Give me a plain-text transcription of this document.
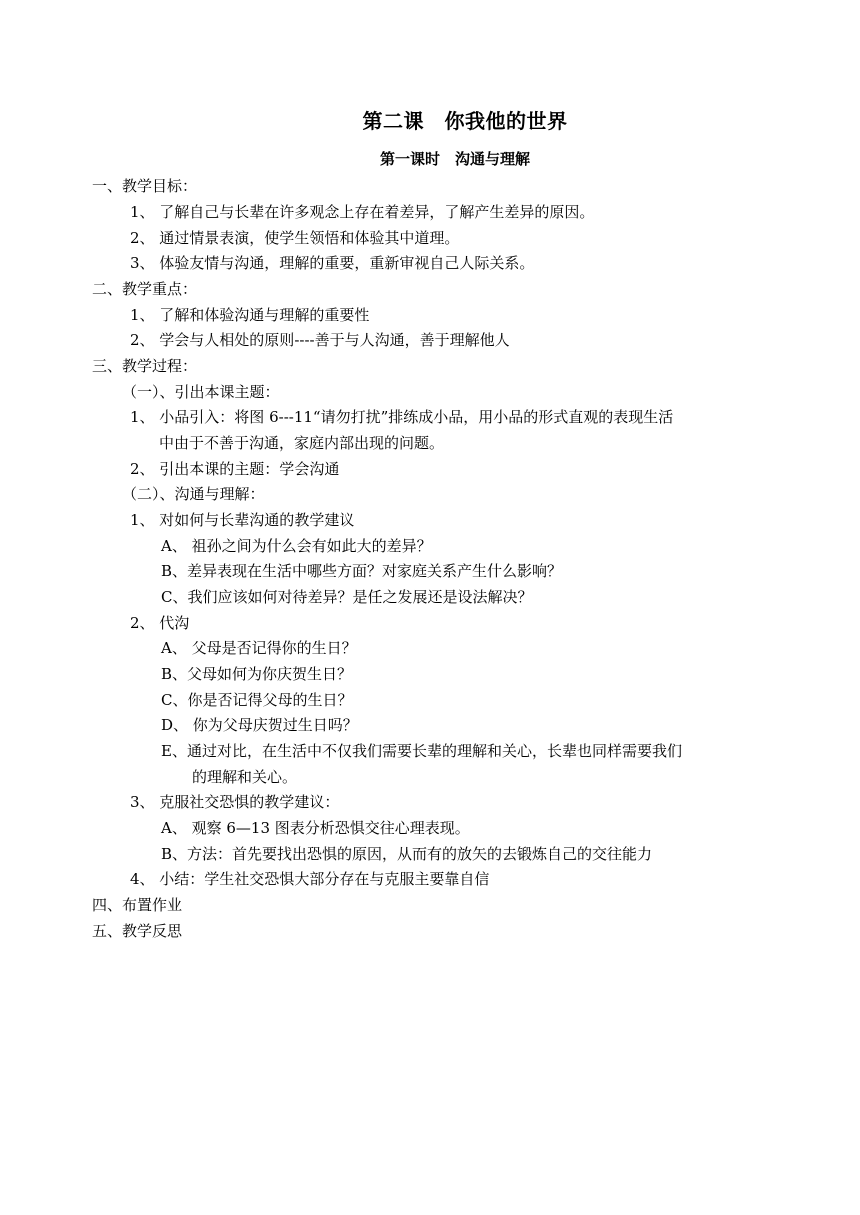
第二课　你我他的世界
第一课时　沟通与理解
一、教学目标：
1、 了解自己与长辈在许多观念上存在着差异，了解产生差异的原因。
2、 通过情景表演，使学生领悟和体验其中道理。
3、 体验友情与沟通，理解的重要，重新审视自己人际关系。
二、教学重点：
1、 了解和体验沟通与理解的重要性
2、 学会与人相处的原则----善于与人沟通，善于理解他人
三、教学过程：
（一）、引出本课主题：
1、 小品引入：将图 6---11“请勿打扰”排练成小品，用小品的形式直观的表现生活
中由于不善于沟通，家庭内部出现的问题。
2、 引出本课的主题：学会沟通
（二）、沟通与理解：
1、 对如何与长辈沟通的教学建议
A、 祖孙之间为什么会有如此大的差异？
B、差异表现在生活中哪些方面？对家庭关系产生什么影响？
C、我们应该如何对待差异？是任之发展还是设法解决？
2、 代沟
A、 父母是否记得你的生日？
B、父母如何为你庆贺生日？
C、你是否记得父母的生日？
D、 你为父母庆贺过生日吗？
E、通过对比，在生活中不仅我们需要长辈的理解和关心，长辈也同样需要我们
的理解和关心。
3、 克服社交恐惧的教学建议：
A、 观察 6—13 图表分析恐惧交往心理表现。
B、方法：首先要找出恐惧的原因，从而有的放矢的去锻炼自己的交往能力
4、 小结：学生社交恐惧大部分存在与克服主要靠自信
四、布置作业
五、教学反思
